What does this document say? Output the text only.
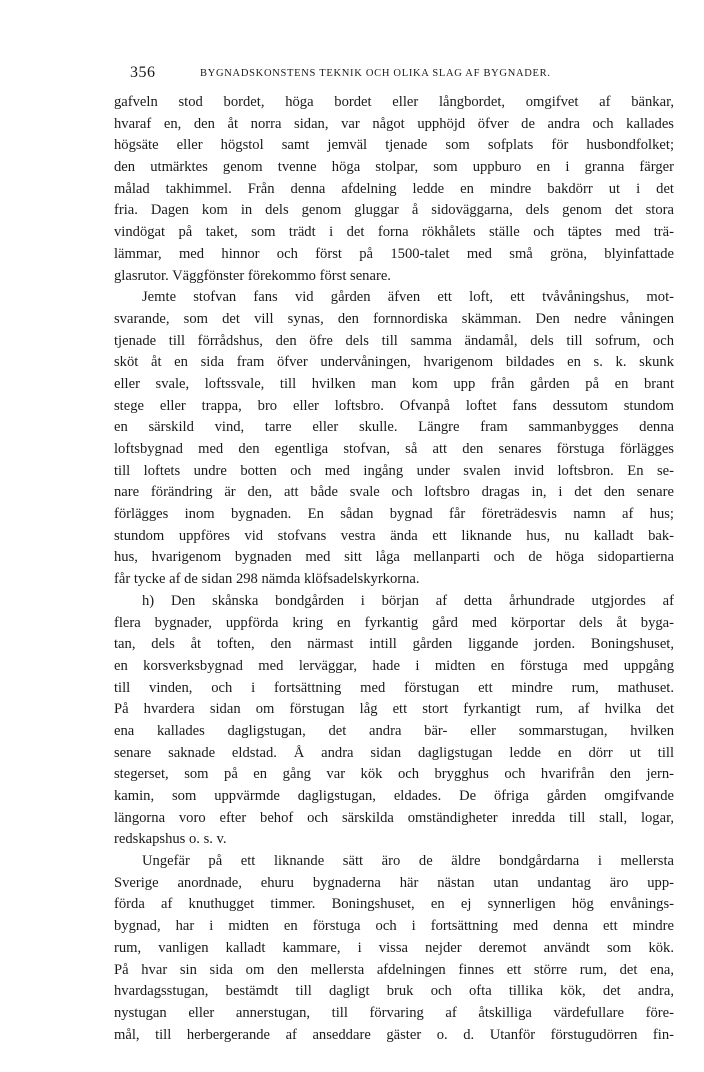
356	BYGNADSKONSTENS TEKNIK OCH OLIKA SLAG AF BYGNADER.
gafveln stod bordet, höga bordet eller långbordet, omgifvet af bänkar,
hvaraf en, den åt norra sidan, var något upphöjd öfver de andra och kallades
högsäte eller högstol samt jemväl tjenade som sofplats för husbondfolket;
den utmärktes genom tvenne höga stolpar, som uppburo en i granna färger
målad takhimmel. Från denna afdelning ledde en mindre bakdörr ut i det
fria. Dagen kom in dels genom gluggar å sidoväggarna, dels genom det stora
vindögat på taket, som trädt i det forna rökhålets ställe och täptes med trä-
lämmar, med hinnor och först på 1500-talet med små gröna, blyinfattade
glasrutor. Väggfönster förekommo först senare.
Jemte stofvan fans vid gården äfven ett loft, ett tvåvåningshus, mot-
svarande, som det vill synas, den fornnordiska skämman. Den nedre våningen
tjenade till förrådshus, den öfre dels till samma ändamål, dels till sofrum, och
sköt åt en sida fram öfver undervåningen, hvarigenom bildades en s. k. skunk
eller svale, loftssvale, till hvilken man kom upp från gården på en brant
stege eller trappa, bro eller loftsbro. Ofvanpå loftet fans dessutom stundom
en särskild vind, tarre eller skulle. Längre fram sammanbygges denna
loftsbygnad med den egentliga stofvan, så att den senares förstuga förlägges
till loftets undre botten och med ingång under svalen invid loftsbron. En se-
nare förändring är den, att både svale och loftsbro dragas in, i det den senare
förlägges inom bygnaden. En sådan bygnad får företrädesvis namn af hus;
stundom uppföres vid stofvans vestra ända ett liknande hus, nu kalladt bak-
hus, hvarigenom bygnaden med sitt låga mellanparti och de höga sidopartierna
får tycke af de sidan 298 nämda klöfsadelskyrkorna.
h) Den skånska bondgården i början af detta århundrade utgjordes af
flera bygnader, uppförda kring en fyrkantig gård med körportar dels åt byga-
tan, dels åt toften, den närmast intill gården liggande jorden. Boningshuset,
en korsverksbygnad med lerväggar, hade i midten en förstuga med uppgång
till vinden, och i fortsättning med förstugan ett mindre rum, mathuset.
På hvardera sidan om förstugan låg ett stort fyrkantigt rum, af hvilka det
ena kallades dagligstugan, det andra bär- eller sommarstugan, hvilken
senare saknade eldstad. Å andra sidan dagligstugan ledde en dörr ut till
stegerset, som på en gång var kök och brygghus och hvarifrån den jern-
kamin, som uppvärmde dagligstugan, eldades. De öfriga gården omgifvande
längorna voro efter behof och särskilda omständigheter inredda till stall, logar,
redskapshus o. s. v.
Ungefär på ett liknande sätt äro de äldre bondgårdarna i mellersta
Sverige anordnade, ehuru bygnaderna här nästan utan undantag äro upp-
förda af knuthugget timmer. Boningshuset, en ej synnerligen hög envånings-
bygnad, har i midten en förstuga och i fortsättning med denna ett mindre
rum, vanligen kalladt kammare, i vissa nejder deremot användt som kök.
På hvar sin sida om den mellersta afdelningen finnes ett större rum, det ena,
hvardagsstugan, bestämdt till dagligt bruk och ofta tillika kök, det andra,
nystugan eller annerstugan, till förvaring af åtskilliga värdefullare före-
mål, till herbergerande af anseddare gäster o. d. Utanför förstugudörren fin-
